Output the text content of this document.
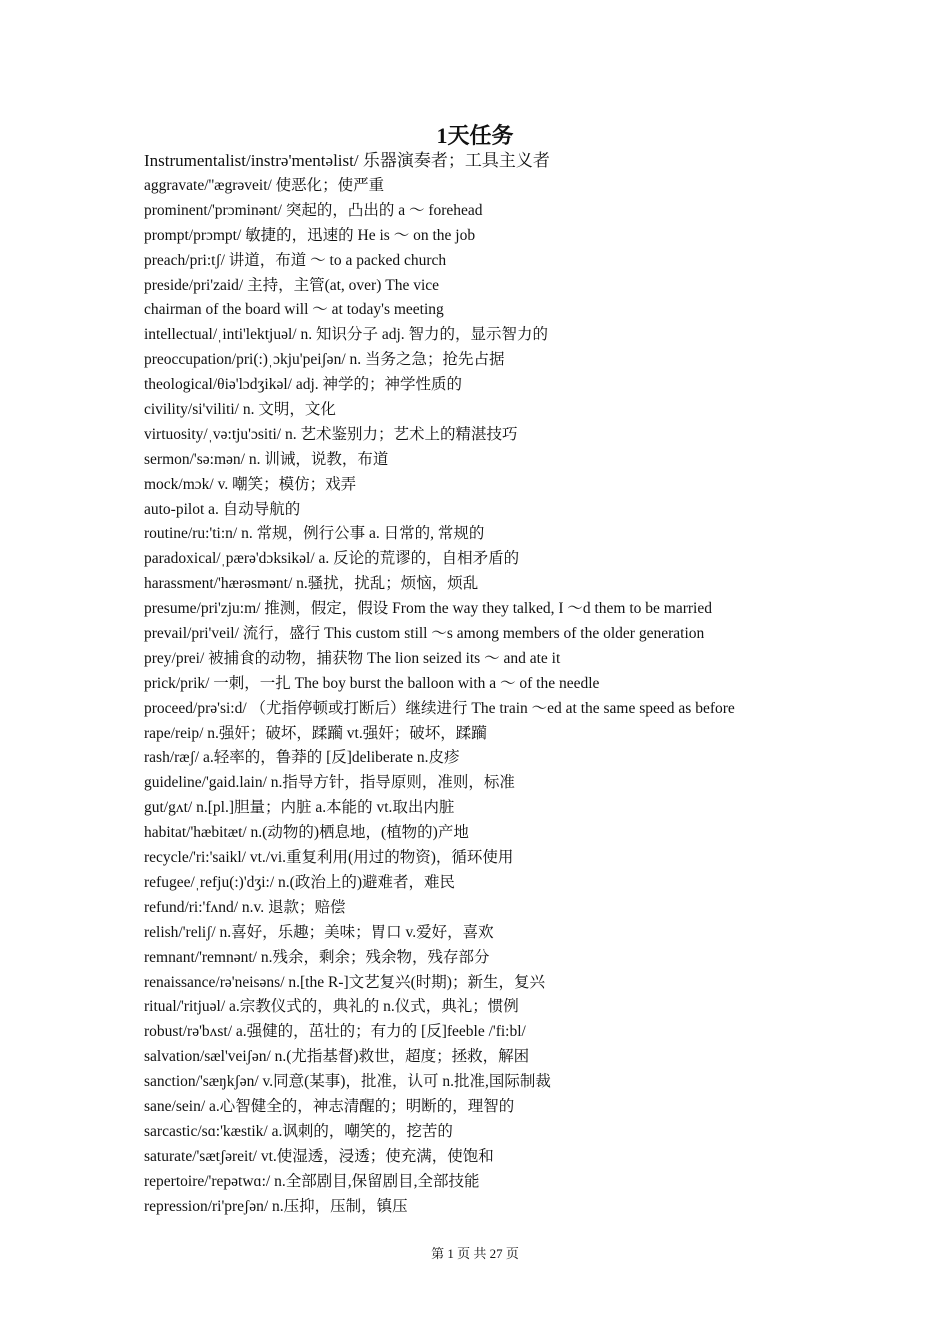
1天任务
Instrumentalist/instrə'mentəlist/ 乐器演奏者；工具主义者
aggravate/''ægrəveit/ 使恶化；使严重
prominent/'prɔminənt/ 突起的，凸出的 a ～ forehead
prompt/prɔmpt/ 敏捷的，迅速的 He is ～ on the job
preach/pri:tʃ/ 讲道，布道 ～ to a packed church
preside/pri'zaid/ 主持，主管(at, over) The vice
chairman of the board will ～ at today's meeting
intellectual/ˌinti'lektjuəl/ n. 知识分子 adj. 智力的，显示智力的
preoccupation/pri(:)ˌɔkju'peiʃən/ n. 当务之急；抢先占据
theological/θiə'lɔdʒikəl/ adj. 神学的；神学性质的
civility/si'viliti/ n. 文明，文化
virtuosity/ˌvə:tju'ɔsiti/ n. 艺术鉴别力；艺术上的精湛技巧
sermon/'sə:mən/ n. 训诫，说教，布道
mock/mɔk/ v. 嘲笑；模仿；戏弄
auto-pilot a. 自动导航的
routine/ru:'ti:n/ n. 常规，例行公事 a. 日常的, 常规的
paradoxical/ˌpærə'dɔksikəl/ a. 反论的荒谬的，自相矛盾的
harassment/'hærəsmənt/ n.骚扰，扰乱；烦恼，烦乱
presume/pri'zju:m/ 推测，假定，假设 From the way they talked, I ～d them to be married
prevail/pri'veil/ 流行，盛行 This custom still ～s among members of the older generation
prey/prei/ 被捕食的动物，捕获物 The lion seized its ～ and ate it
prick/prik/ 一刺，一扎 The boy burst the balloon with a ～ of the needle
proceed/prə'si:d/ （尤指停顿或打断后）继续进行 The train ～ed at the same speed as before
rape/reip/ n.强奸；破坏，蹂躏 vt.强奸；破坏，蹂躏
rash/ræʃ/ a.轻率的，鲁莽的 [反]deliberate n.皮疹
guideline/'gaid.lain/ n.指导方针，指导原则，准则，标准
gut/gʌt/ n.[pl.]胆量；内脏 a.本能的 vt.取出内脏
habitat/'hæbitæt/ n.(动物的)栖息地，(植物的)产地
recycle/'ri:'saikl/ vt./vi.重复利用(用过的物资)，循环使用
refugee/ˌrefju(:)'dʒi:/ n.(政治上的)避难者，难民
refund/ri:'fʌnd/ n.v. 退款；赔偿
relish/'reliʃ/ n.喜好，乐趣；美味；胃口 v.爱好，喜欢
remnant/'remnənt/ n.残余，剩余；残余物，残存部分
renaissance/rə'neisəns/ n.[the R-]文艺复兴(时期)；新生，复兴
ritual/'ritjuəl/ a.宗教仪式的，典礼的 n.仪式，典礼；惯例
robust/rə'bʌst/ a.强健的，茁壮的；有力的 [反]feeble /'fi:bl/
salvation/sæl'veiʃən/ n.(尤指基督)救世，超度；拯救，解困
sanction/'sæŋkʃən/ v.同意(某事)，批准，认可 n.批准,国际制裁
sane/sein/ a.心智健全的，神志清醒的；明断的，理智的
sarcastic/sɑ:'kæstik/ a.讽刺的，嘲笑的，挖苦的
saturate/'sætʃəreit/ vt.使湿透，浸透；使充满，使饱和
repertoire/'repətwɑ:/ n.全部剧目,保留剧目,全部技能
repression/ri'preʃən/ n.压抑，压制，镇压
第 1 页 共 27 页
